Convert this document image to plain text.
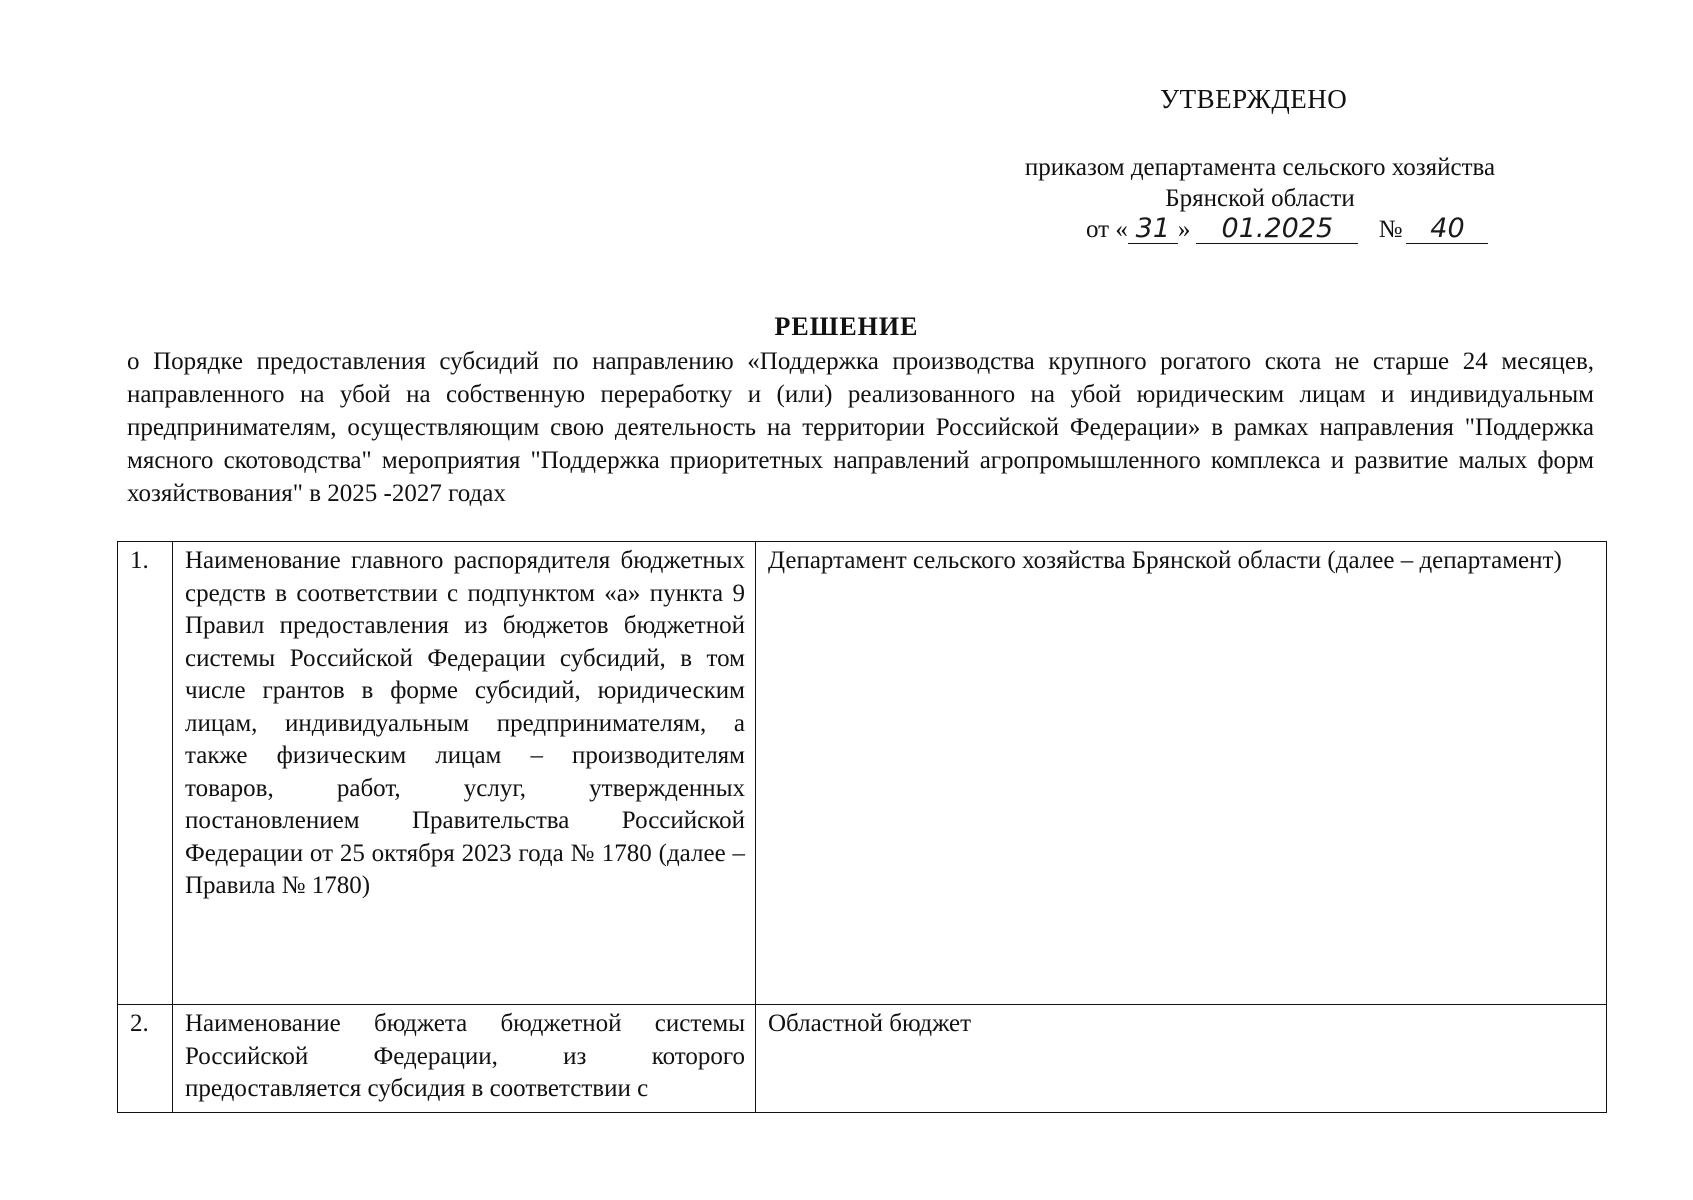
УТВЕРЖДЕНО
приказом департамента сельского хозяйства
Брянской области
от « 31 » 01.2025 № 40
РЕШЕНИЕ
о Порядке предоставления субсидий по направлению «Поддержка производства крупного рогатого скота не старше 24 месяцев, направленного на убой на собственную переработку и (или) реализованного на убой юридическим лицам и индивидуальным предпринимателям, осуществляющим свою деятельность на территории Российской Федерации» в рамках направления "Поддержка мясного скотоводства" мероприятия "Поддержка приоритетных направлений агропромышленного комплекса и развитие малых форм хозяйствования" в 2025 -2027 годах
1.	Наименование главного распорядителя бюджетных средств в соответствии с подпунктом «а» пункта 9 Правил предоставления из бюджетов бюджетной системы Российской Федерации субсидий, в том числе грантов в форме субсидий, юридическим лицам, индивидуальным предпринимателям, а также физическим лицам – производителям товаров, работ, услуг, утвержденных постановлением Правительства Российской Федерации от 25 октября 2023 года № 1780 (далее – Правила № 1780)	Департамент сельского хозяйства Брянской области (далее – департамент)
2.	Наименование бюджета бюджетной системы Российской Федерации, из которого предоставляется субсидия в соответствии с	Областной бюджет
